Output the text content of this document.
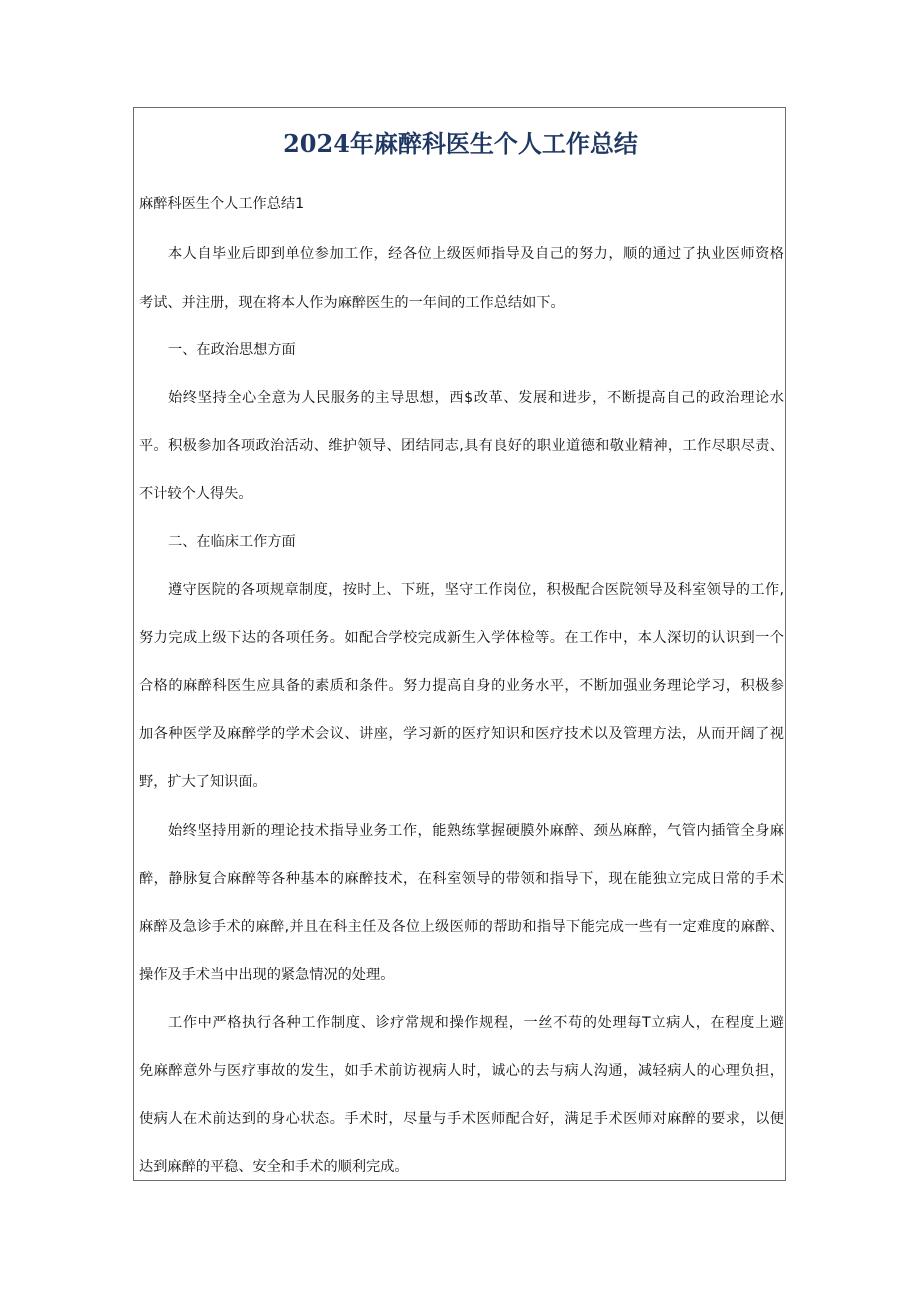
2024年麻醉科医生个人工作总结
麻醉科医生个人工作总结1
本人自毕业后即到单位参加工作，经各位上级医师指导及自己的努力，顺的通过了执业医师资格
考试、并注册，现在将本人作为麻醉医生的一年间的工作总结如下。
一、在政治思想方面
始终坚持全心全意为人民服务的主导思想，西$改革、发展和进步，不断提高自己的政治理论水
平。积极参加各项政治活动、维护领导、团结同志,具有良好的职业道德和敬业精神，工作尽职尽责、
不计较个人得失。
二、在临床工作方面
遵守医院的各项规章制度，按时上、下班，坚守工作岗位，积极配合医院领导及科室领导的工作,
努力完成上级下达的各项任务。如配合学校完成新生入学体检等。在工作中，本人深切的认识到一个
合格的麻醉科医生应具备的素质和条件。努力提高自身的业务水平，不断加强业务理论学习，积极参
加各种医学及麻醉学的学术会议、讲座，学习新的医疗知识和医疗技术以及管理方法，从而开阔了视
野，扩大了知识面。
始终坚持用新的理论技术指导业务工作，能熟练掌握硬膜外麻醉、颈丛麻醉，气管内插管全身麻
醉，静脉复合麻醉等各种基本的麻醉技术，在科室领导的带领和指导下，现在能独立完成日常的手术
麻醉及急诊手术的麻醉,并且在科主任及各位上级医师的帮助和指导下能完成一些有一定难度的麻醉、
操作及手术当中出现的紧急情况的处理。
工作中严格执行各种工作制度、诊疗常规和操作规程，一丝不苟的处理每T立病人，在程度上避
免麻醉意外与医疗事故的发生，如手术前访视病人时，诚心的去与病人沟通，减轻病人的心理负担，
使病人在术前达到的身心状态。手术时，尽量与手术医师配合好，满足手术医师对麻醉的要求，以便
达到麻醉的平稳、安全和手术的顺利完成。
